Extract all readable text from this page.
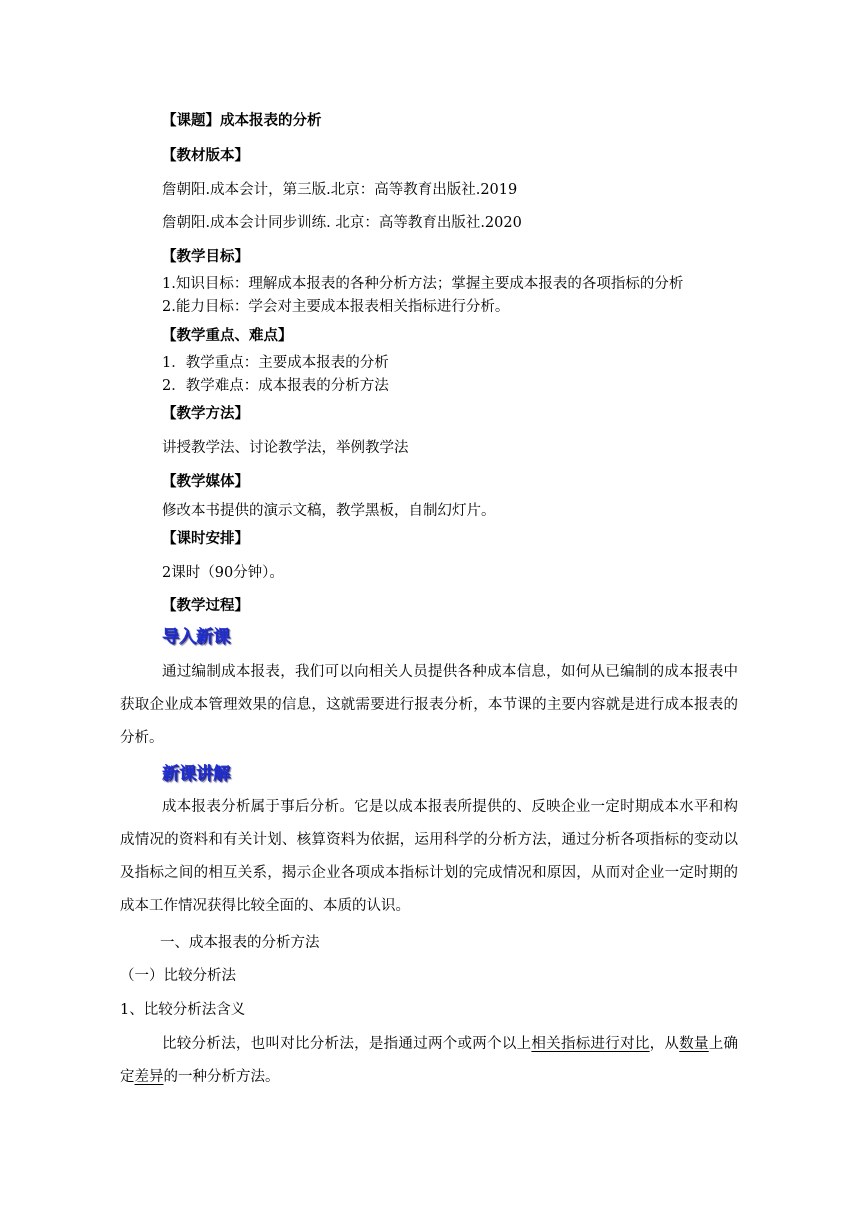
【课题】成本报表的分析
【教材版本】
詹朝阳.成本会计，第三版.北京：高等教育出版社.2019
詹朝阳.成本会计同步训练. 北京：高等教育出版社.2020
【教学目标】
1.知识目标：理解成本报表的各种分析方法；掌握主要成本报表的各项指标的分析
2.能力目标：学会对主要成本报表相关指标进行分析。
【教学重点、难点】
1．教学重点：主要成本报表的分析
2．教学难点：成本报表的分析方法
【教学方法】
讲授教学法、讨论教学法，举例教学法
【教学媒体】
修改本书提供的演示文稿，教学黑板，自制幻灯片。
【课时安排】
2课时（90分钟）。
【教学过程】
导入新课
通过编制成本报表，我们可以向相关人员提供各种成本信息，如何从已编制的成本报表中获取企业成本管理效果的信息，这就需要进行报表分析，本节课的主要内容就是进行成本报表的分析。
新课讲解
成本报表分析属于事后分析。它是以成本报表所提供的、反映企业一定时期成本水平和构成情况的资料和有关计划、核算资料为依据，运用科学的分析方法，通过分析各项指标的变动以及指标之间的相互关系，揭示企业各项成本指标计划的完成情况和原因，从而对企业一定时期的成本工作情况获得比较全面的、本质的认识。
一、成本报表的分析方法
（一）比较分析法
1、比较分析法含义
比较分析法，也叫对比分析法，是指通过两个或两个以上相关指标进行对比，从数量上确定差异的一种分析方法。
